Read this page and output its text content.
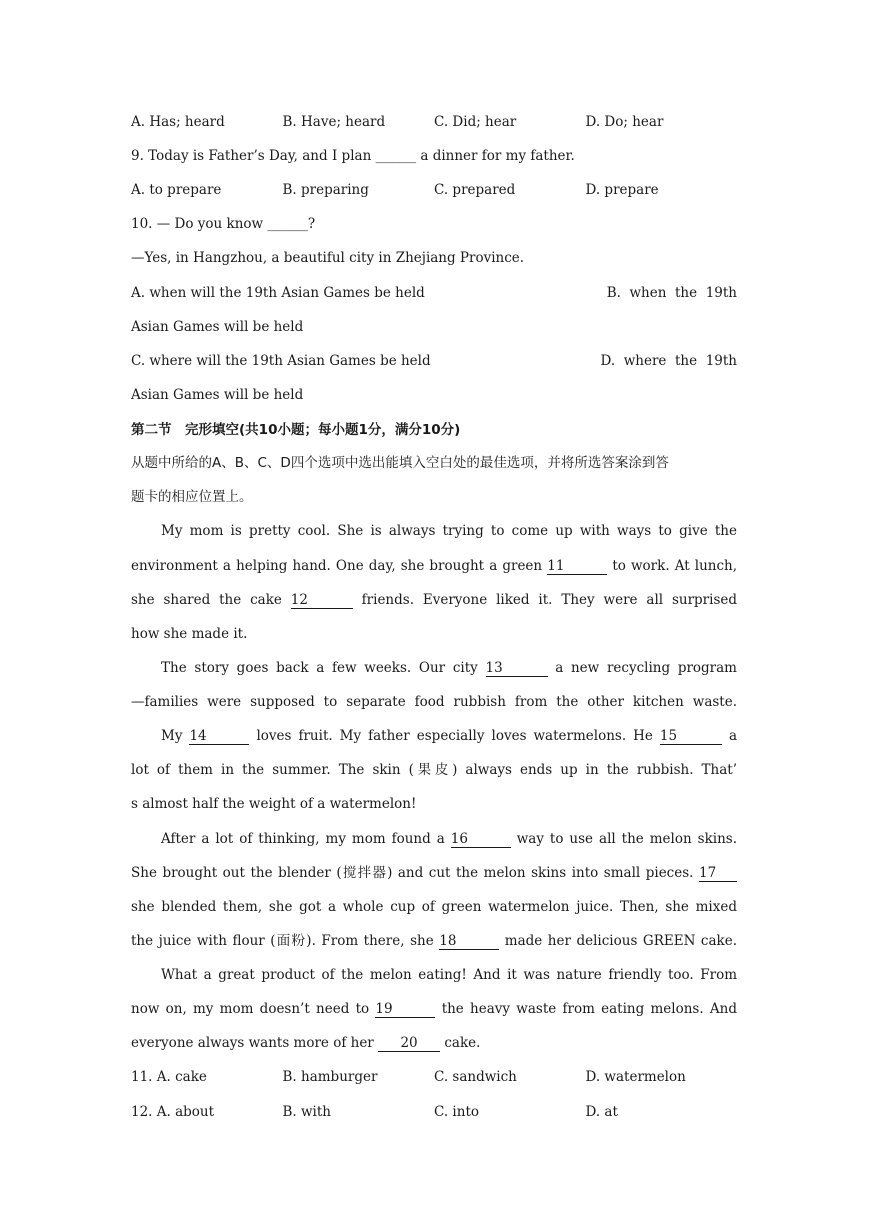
A. Has; heard	B. Have; heard	C. Did; hear	D. Do; hear
9. Today is Father’s Day, and I plan ______ a dinner for my father.
A. to prepare	B. preparing	C. prepared	D. prepare
10. — Do you know ______?
—Yes, in Hangzhou, a beautiful city in Zhejiang Province.
A. when will the 19th Asian Games be held	B.  when  the  19th
Asian Games will be held
C. where will the 19th Asian Games be held	D.  where  the  19th
Asian Games will be held
第二节　完形填空(共10小题；每小题1分，满分10分)
从题中所给的A、B、C、D四个选项中选出能填入空白处的最佳选项，并将所选答案涂到答
题卡的相应位置上。
My mom is pretty cool. She is always trying to come up with ways to give the
environment a helping hand. One day, she brought a green 11	to work. At lunch,
she shared the cake 12	friends. Everyone liked it. They were all surprised
how she made it.
The story goes back a few weeks. Our city 13	a new recycling program
—families were supposed to separate food rubbish from the other kitchen waste.
My 14	loves fruit. My father especially loves watermelons. He 15	a
lot of them in the summer. The skin (果皮) always ends up in the rubbish. That’
s almost half the weight of a watermelon!
After a lot of thinking, my mom found a 16	way to use all the melon skins.
She brought out the blender (搅拌器) and cut the melon skins into small pieces. 17
she blended them, she got a whole cup of green watermelon juice. Then, she mixed
the juice with flour (面粉). From there, she 18	made her delicious GREEN cake.
What a great product of the melon eating! And it was nature friendly too. From
now on, my mom doesn’t need to 19	the heavy waste from eating melons. And
everyone always wants more of her 20 cake.
11. A. cake	B. hamburger	C. sandwich	D. watermelon
12. A. about	B. with	C. into	D. at
